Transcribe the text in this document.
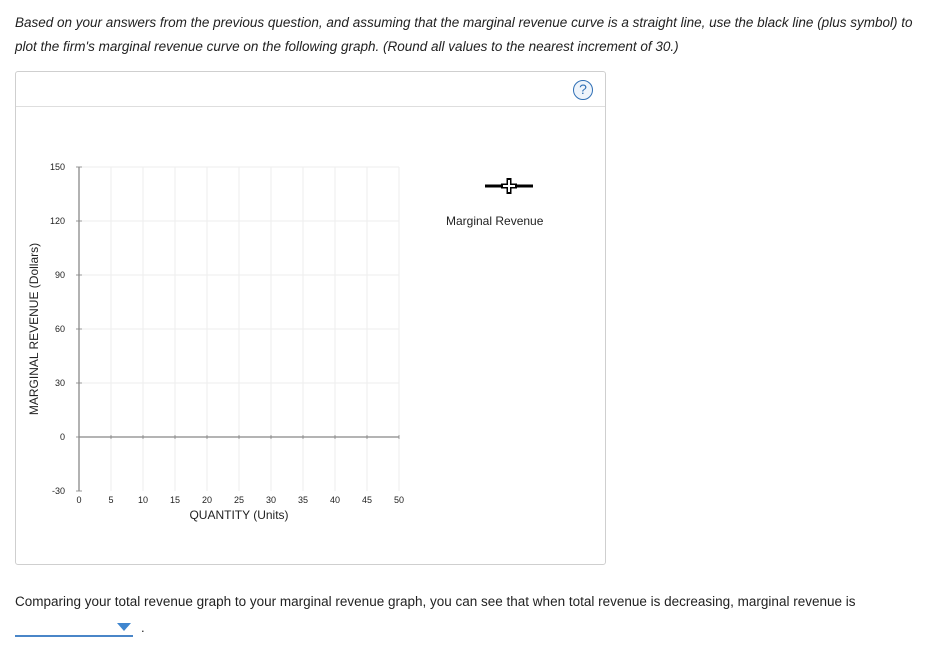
Based on your answers from the previous question, and assuming that the marginal revenue curve is a straight line, use the black line (plus symbol) to plot the firm's marginal revenue curve on the following graph. (Round all values to the nearest increment of 30.)
?
0	5	10 15 20 25 30 35 40 45 50
150
120
90
60
30
0
-30
QUANTITY (Units)
MARGINAL REVENUE (Dollars)
Marginal Revenue
Comparing your total revenue graph to your marginal revenue graph, you can see that when total revenue is decreasing, marginal revenue is
.
